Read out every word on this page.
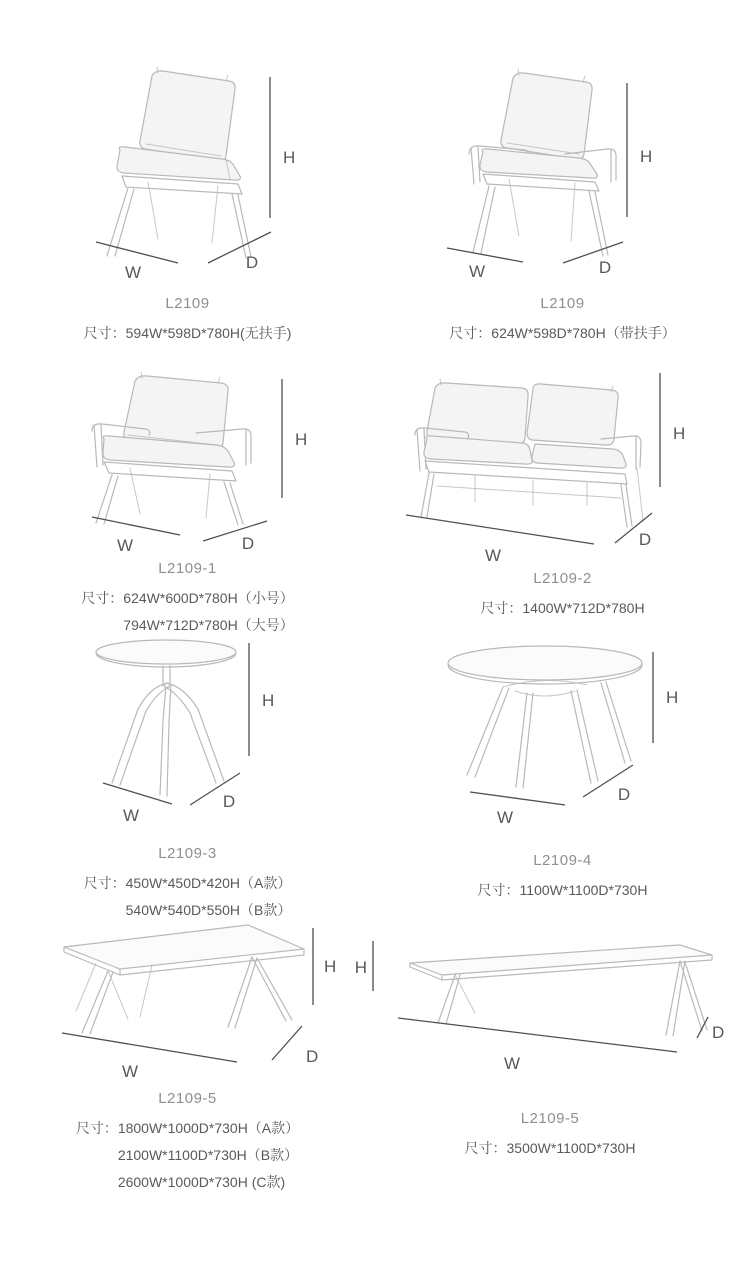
H
W
D
L2109
尺寸：594W*598D*780H(无扶手)
H
W	D
L2109
尺寸：624W*598D*780H（带扶手）
H
W	D
L2109-1
尺寸：624W*600D*780H（小号）
794W*712D*780H（大号）
H
W
D
L2109-2
尺寸：1400W*712D*780H
H
W
D
L2109-3
尺寸：450W*450D*420H（A款）
540W*540D*550H（B款）
H
W
D
L2109-4
尺寸：1100W*1100D*730H
H
W
D
L2109-5
尺寸：1800W*1000D*730H（A款）
2100W*1100D*730H（B款）
2600W*1000D*730H (C款)
H
W
D
L2109-5
尺寸：3500W*1100D*730H
